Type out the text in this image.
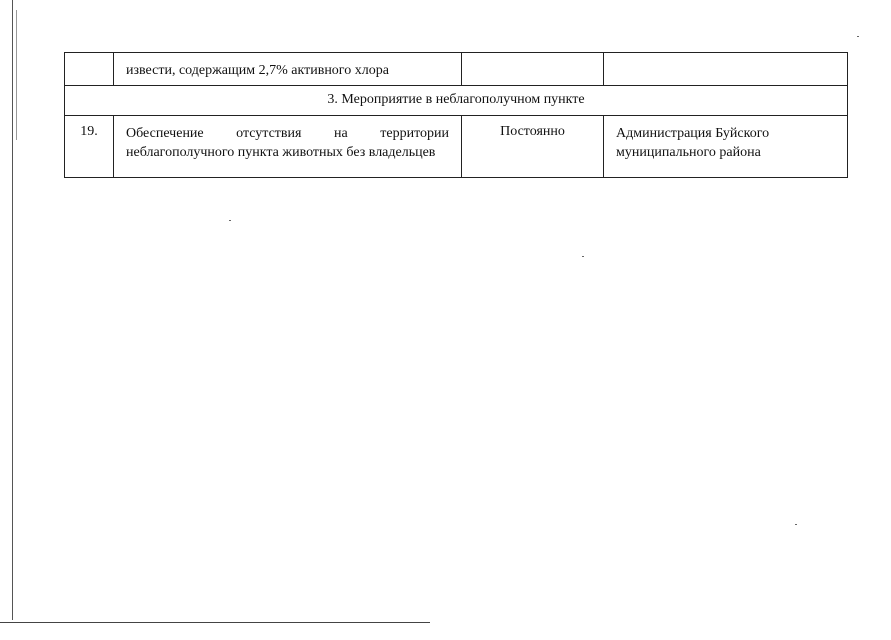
	извести, содержащим 2,7% активного хлора		

3. Мероприятие в неблагополучном пункте			

19.	Обеспечение отсутствия на территории
неблагополучного пункта животных без владельцев	Постоянно	Администрация Буйского
муниципального района
